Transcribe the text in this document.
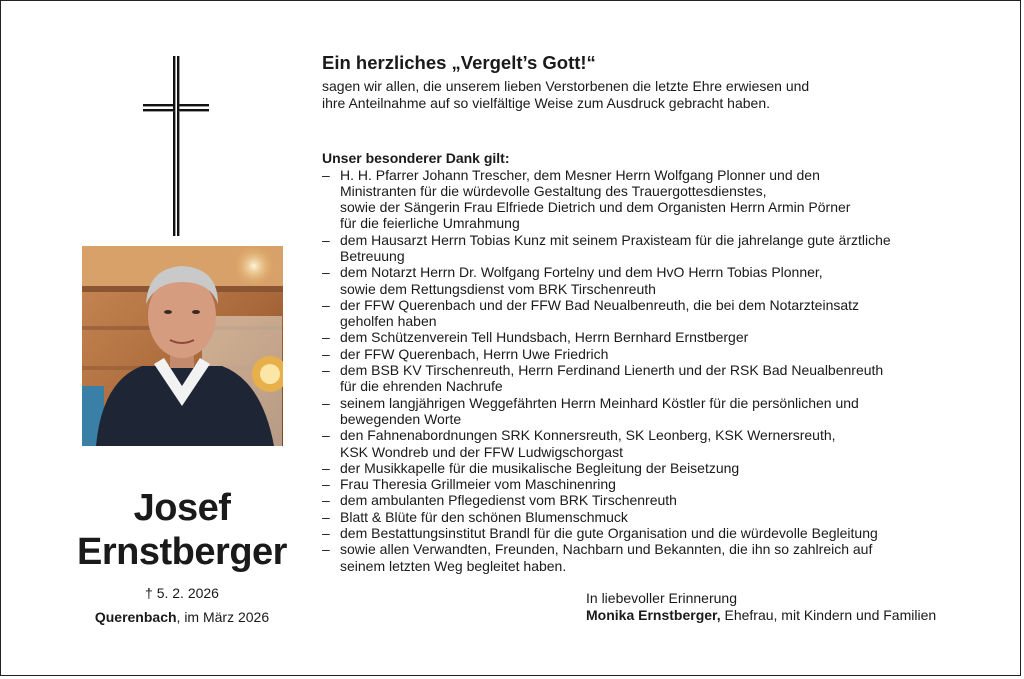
Josef
Ernstberger
† 5. 2. 2026
Querenbach, im März 2026
Ein herzliches „Vergelt’s Gott!“

sagen wir allen, die unserem lieben Verstorbenen die letzte Ehre erwiesen und
ihre Anteilnahme auf so vielfältige Weise zum Ausdruck gebracht haben.

Unser besonderer Dank gilt:
– H. H. Pfarrer Johann Trescher, dem Mesner Herrn Wolfgang Plonner und den
Ministranten für die würdevolle Gestaltung des Trauergottesdienstes,
sowie der Sängerin Frau Elfriede Dietrich und dem Organisten Herrn Armin Pörner
für die feierliche Umrahmung
– dem Hausarzt Herrn Tobias Kunz mit seinem Praxisteam für die jahrelange gute ärztliche
Betreuung
– dem Notarzt Herrn Dr. Wolfgang Fortelny und dem HvO Herrn Tobias Plonner,
sowie dem Rettungsdienst vom BRK Tirschenreuth
– der FFW Querenbach und der FFW Bad Neualbenreuth, die bei dem Notarzteinsatz
geholfen haben
– dem Schützenverein Tell Hundsbach, Herrn Bernhard Ernstberger
– der FFW Querenbach, Herrn Uwe Friedrich
– dem BSB KV Tirschenreuth, Herrn Ferdinand Lienerth und der RSK Bad Neualbenreuth
für die ehrenden Nachrufe
– seinem langjährigen Weggefährten Herrn Meinhard Köstler für die persönlichen und
bewegenden Worte
– den Fahnenabordnungen SRK Konnersreuth, SK Leonberg, KSK Wernersreuth,
KSK Wondreb und der FFW Ludwigschorgast
– der Musikkapelle für die musikalische Begleitung der Beisetzung
– Frau Theresia Grillmeier vom Maschinenring
– dem ambulanten Pflegedienst vom BRK Tirschenreuth
– Blatt & Blüte für den schönen Blumenschmuck
– dem Bestattungsinstitut Brandl für die gute Organisation und die würdevolle Begleitung
– sowie allen Verwandten, Freunden, Nachbarn und Bekannten, die ihn so zahlreich auf
seinem letzten Weg begleitet haben.
In liebevoller Erinnerung
Monika Ernstberger, Ehefrau, mit Kindern und Familien
